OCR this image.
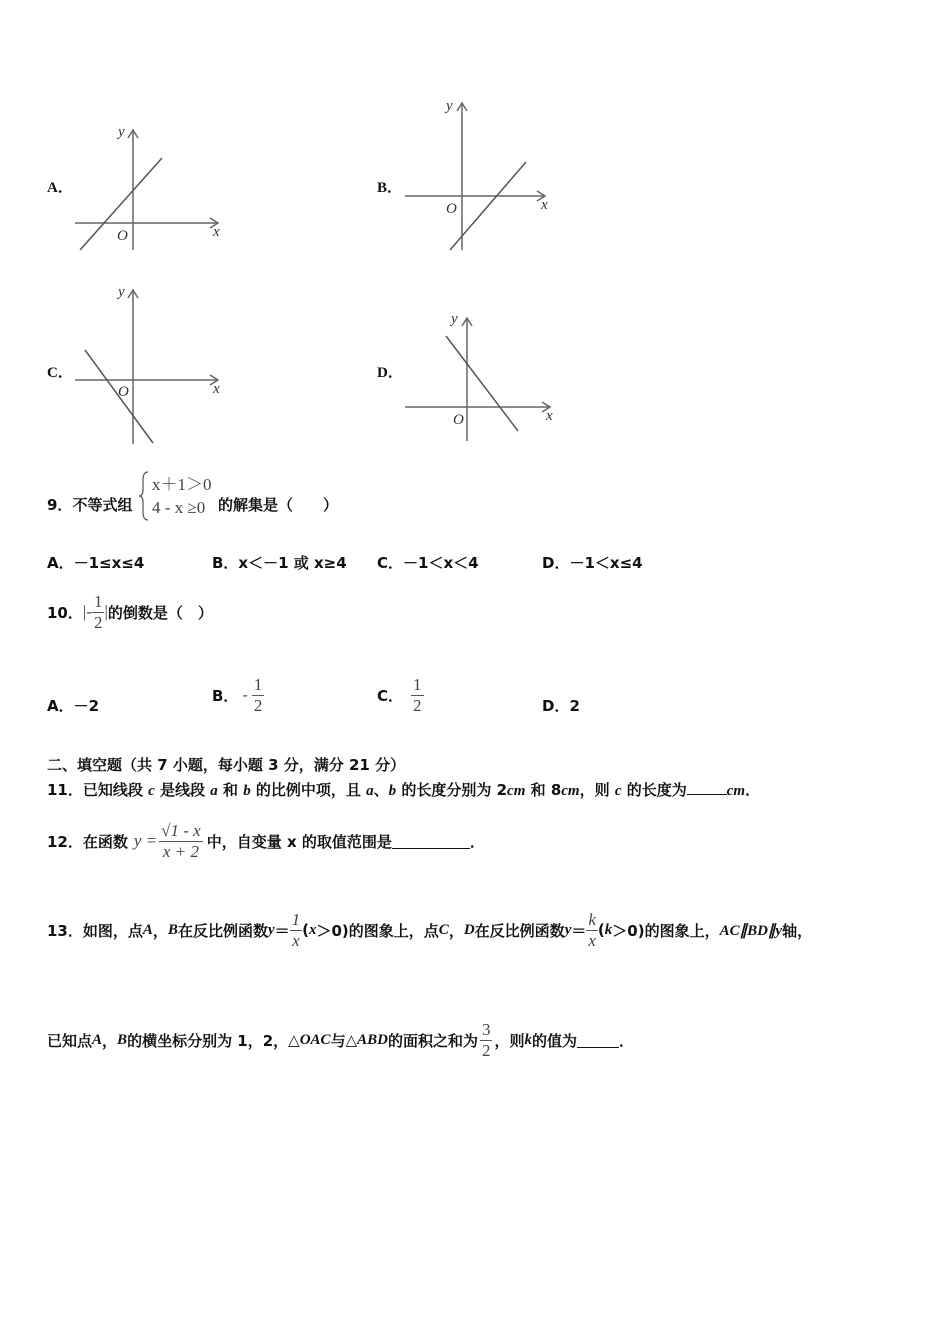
A．
x
y
O
B．
x
y
O
C．
x
y
O
D．
x
y
O
9．不等式组
x＋1＞0
4 - x ≥0 的解集是（　　）
A．－1≤x≤4	B．x＜－1 或 x≥4 C．－1＜x＜4	D．－1＜x≤4
10． |- $\frac{1}{2}$ | 的倒数是（　）
A．－2
B． - $\frac{1}{2}$	C． $\frac{1}{2}$	D．2
二、填空题（共 7 小题，每小题 3 分，满分 21 分）
11．已知线段 c 是线段 a 和 b 的比例中项，且 a、b 的长度分别为 2cm 和 8cm，则 c 的长度为	cm．
12． 在函数 $y = \frac{√1 - x}{x + 2}$ 中，自变量 x 的取值范围是	．
13． 如图，点 A ， B 在反比例函数 $y = \frac{1}{x}$ ( x ＞0)的图象上，点 C ， D 在反比例函数 $y = \frac{k}{x}$ ( k ＞0)的图象上， AC∥BD∥y 轴，
已知点 A ， B 的横坐标分别为 1，2， △ OAC 与 △ ABD 的面积之和为 $\frac{3}{2}$ ，则 k 的值为	．
